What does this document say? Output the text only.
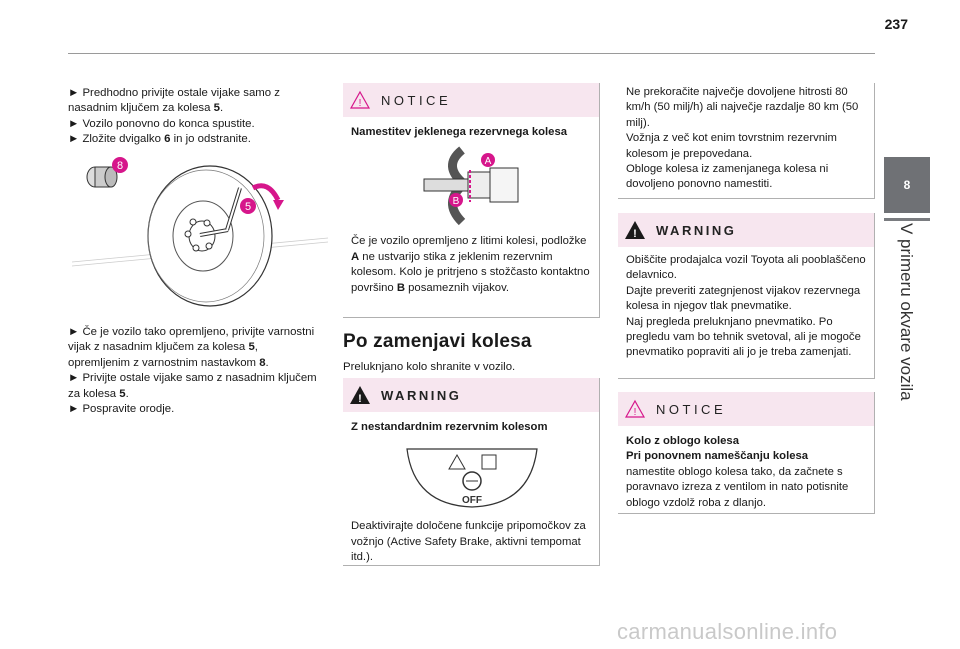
237
8
V primeru okvare vozila
► Predhodno privijte ostale vijake samo z nasadnim ključem za kolesa 5.
► Vozilo ponovno do konca spustite.
► Zložite dvigalko 6 in jo odstranite.
8
5
► Če je vozilo tako opremljeno, privijte varnostni vijak z nasadnim ključem za kolesa 5,
opremljenim z varnostnim nastavkom 8.
► Privijte ostale vijake samo z nasadnim ključem za kolesa 5.
► Pospravite orodje.
! NOTICE
Namestitev jeklenega rezervnega kolesa
A
B
Če je vozilo opremljeno z litimi kolesi, podložke A ne ustvarijo stika z jeklenim rezervnim kolesom. Kolo je pritrjeno s stožčasto kontaktno površino B posameznih vijakov.
Po zamenjavi kolesa
Preluknjano kolo shranite v vozilo.
! WARNING
Z nestandardnim rezervnim kolesom
OFF
Deaktivirajte določene funkcije pripomočkov za vožnjo (Active Safety Brake, aktivni tempomat itd.).
Ne prekoračite največje dovoljene hitrosti 80 km/h (50 milj/h) ali največje razdalje 80 km (50 milj).
Vožnja z več kot enim tovrstnim rezervnim kolesom je prepovedana.
Obloge kolesa iz zamenjanega kolesa ni dovoljeno ponovno namestiti.
! WARNING
Obiščite prodajalca vozil Toyota ali pooblaščeno delavnico.
Dajte preveriti zategnjenost vijakov rezervnega kolesa in njegov tlak pnevmatike.
Naj pregleda preluknjano pnevmatiko. Po pregledu vam bo tehnik svetoval, ali je mogoče pnevmatiko popraviti ali jo je treba zamenjati.
! NOTICE
Kolo z oblogo kolesa
Pri ponovnem nameščanju kolesa
namestite oblogo kolesa tako, da začnete s poravnavo izreza z ventilom in nato potisnite oblogo vzdolž roba z dlanjo.
carmanualsonline.info
